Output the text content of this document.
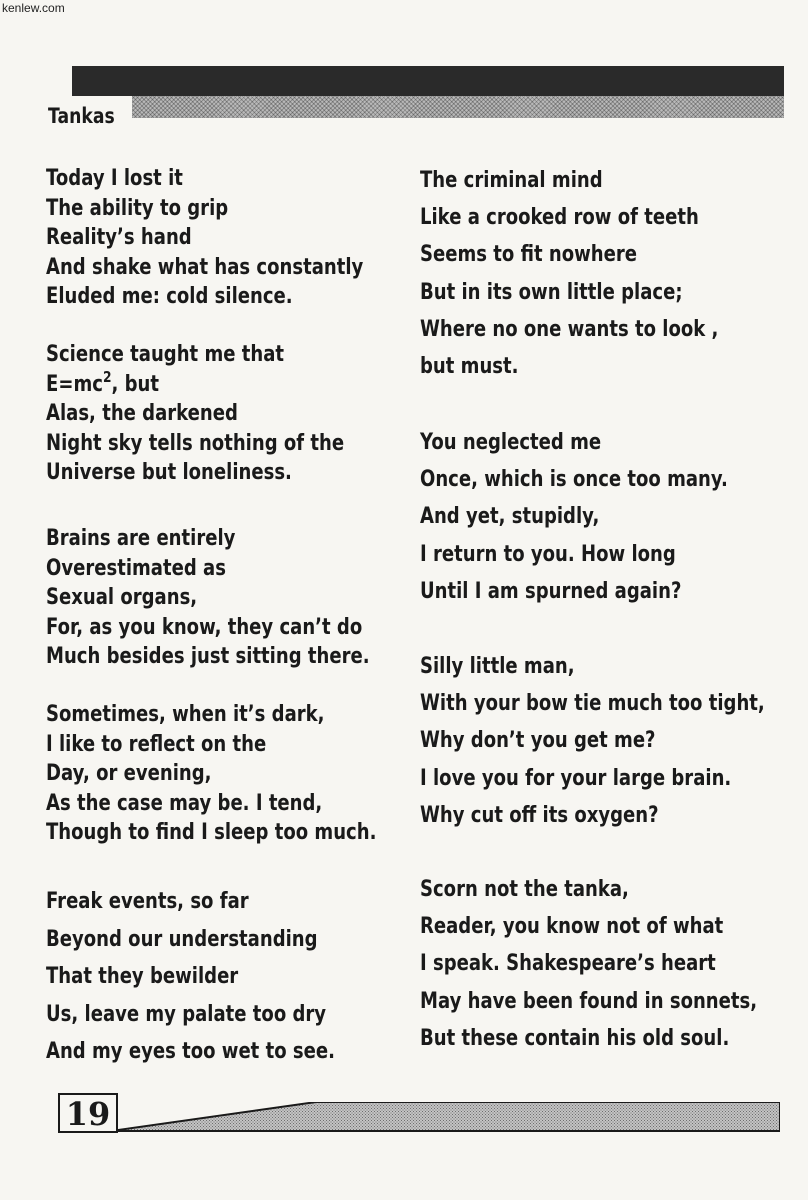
kenlew.com
Tankas
Today I lost it
The ability to grip
Reality’s hand
And shake what has constantly
Eluded me: cold silence.
Science taught me that
$E=mc^2$, but
Alas, the darkened
Night sky tells nothing of the
Universe but loneliness.
Brains are entirely
Overestimated as
Sexual organs,
For, as you know, they can’t do
Much besides just sitting there.
Sometimes, when it’s dark,
I like to reflect on the
Day, or evening,
As the case may be. I tend,
Though to find I sleep too much.
Freak events, so far
Beyond our understanding
That they bewilder
Us, leave my palate too dry
And my eyes too wet to see.
The criminal mind
Like a crooked row of teeth
Seems to fit nowhere
But in its own little place;
Where no one wants to look ,
but must.
You neglected me
Once, which is once too many.
And yet, stupidly,
I return to you. How long
Until I am spurned again?
Silly little man,
With your bow tie much too tight,
Why don’t you get me?
I love you for your large brain.
Why cut off its oxygen?
Scorn not the tanka,
Reader, you know not of what
I speak. Shakespeare’s heart
May have been found in sonnets,
But these contain his old soul.
19
